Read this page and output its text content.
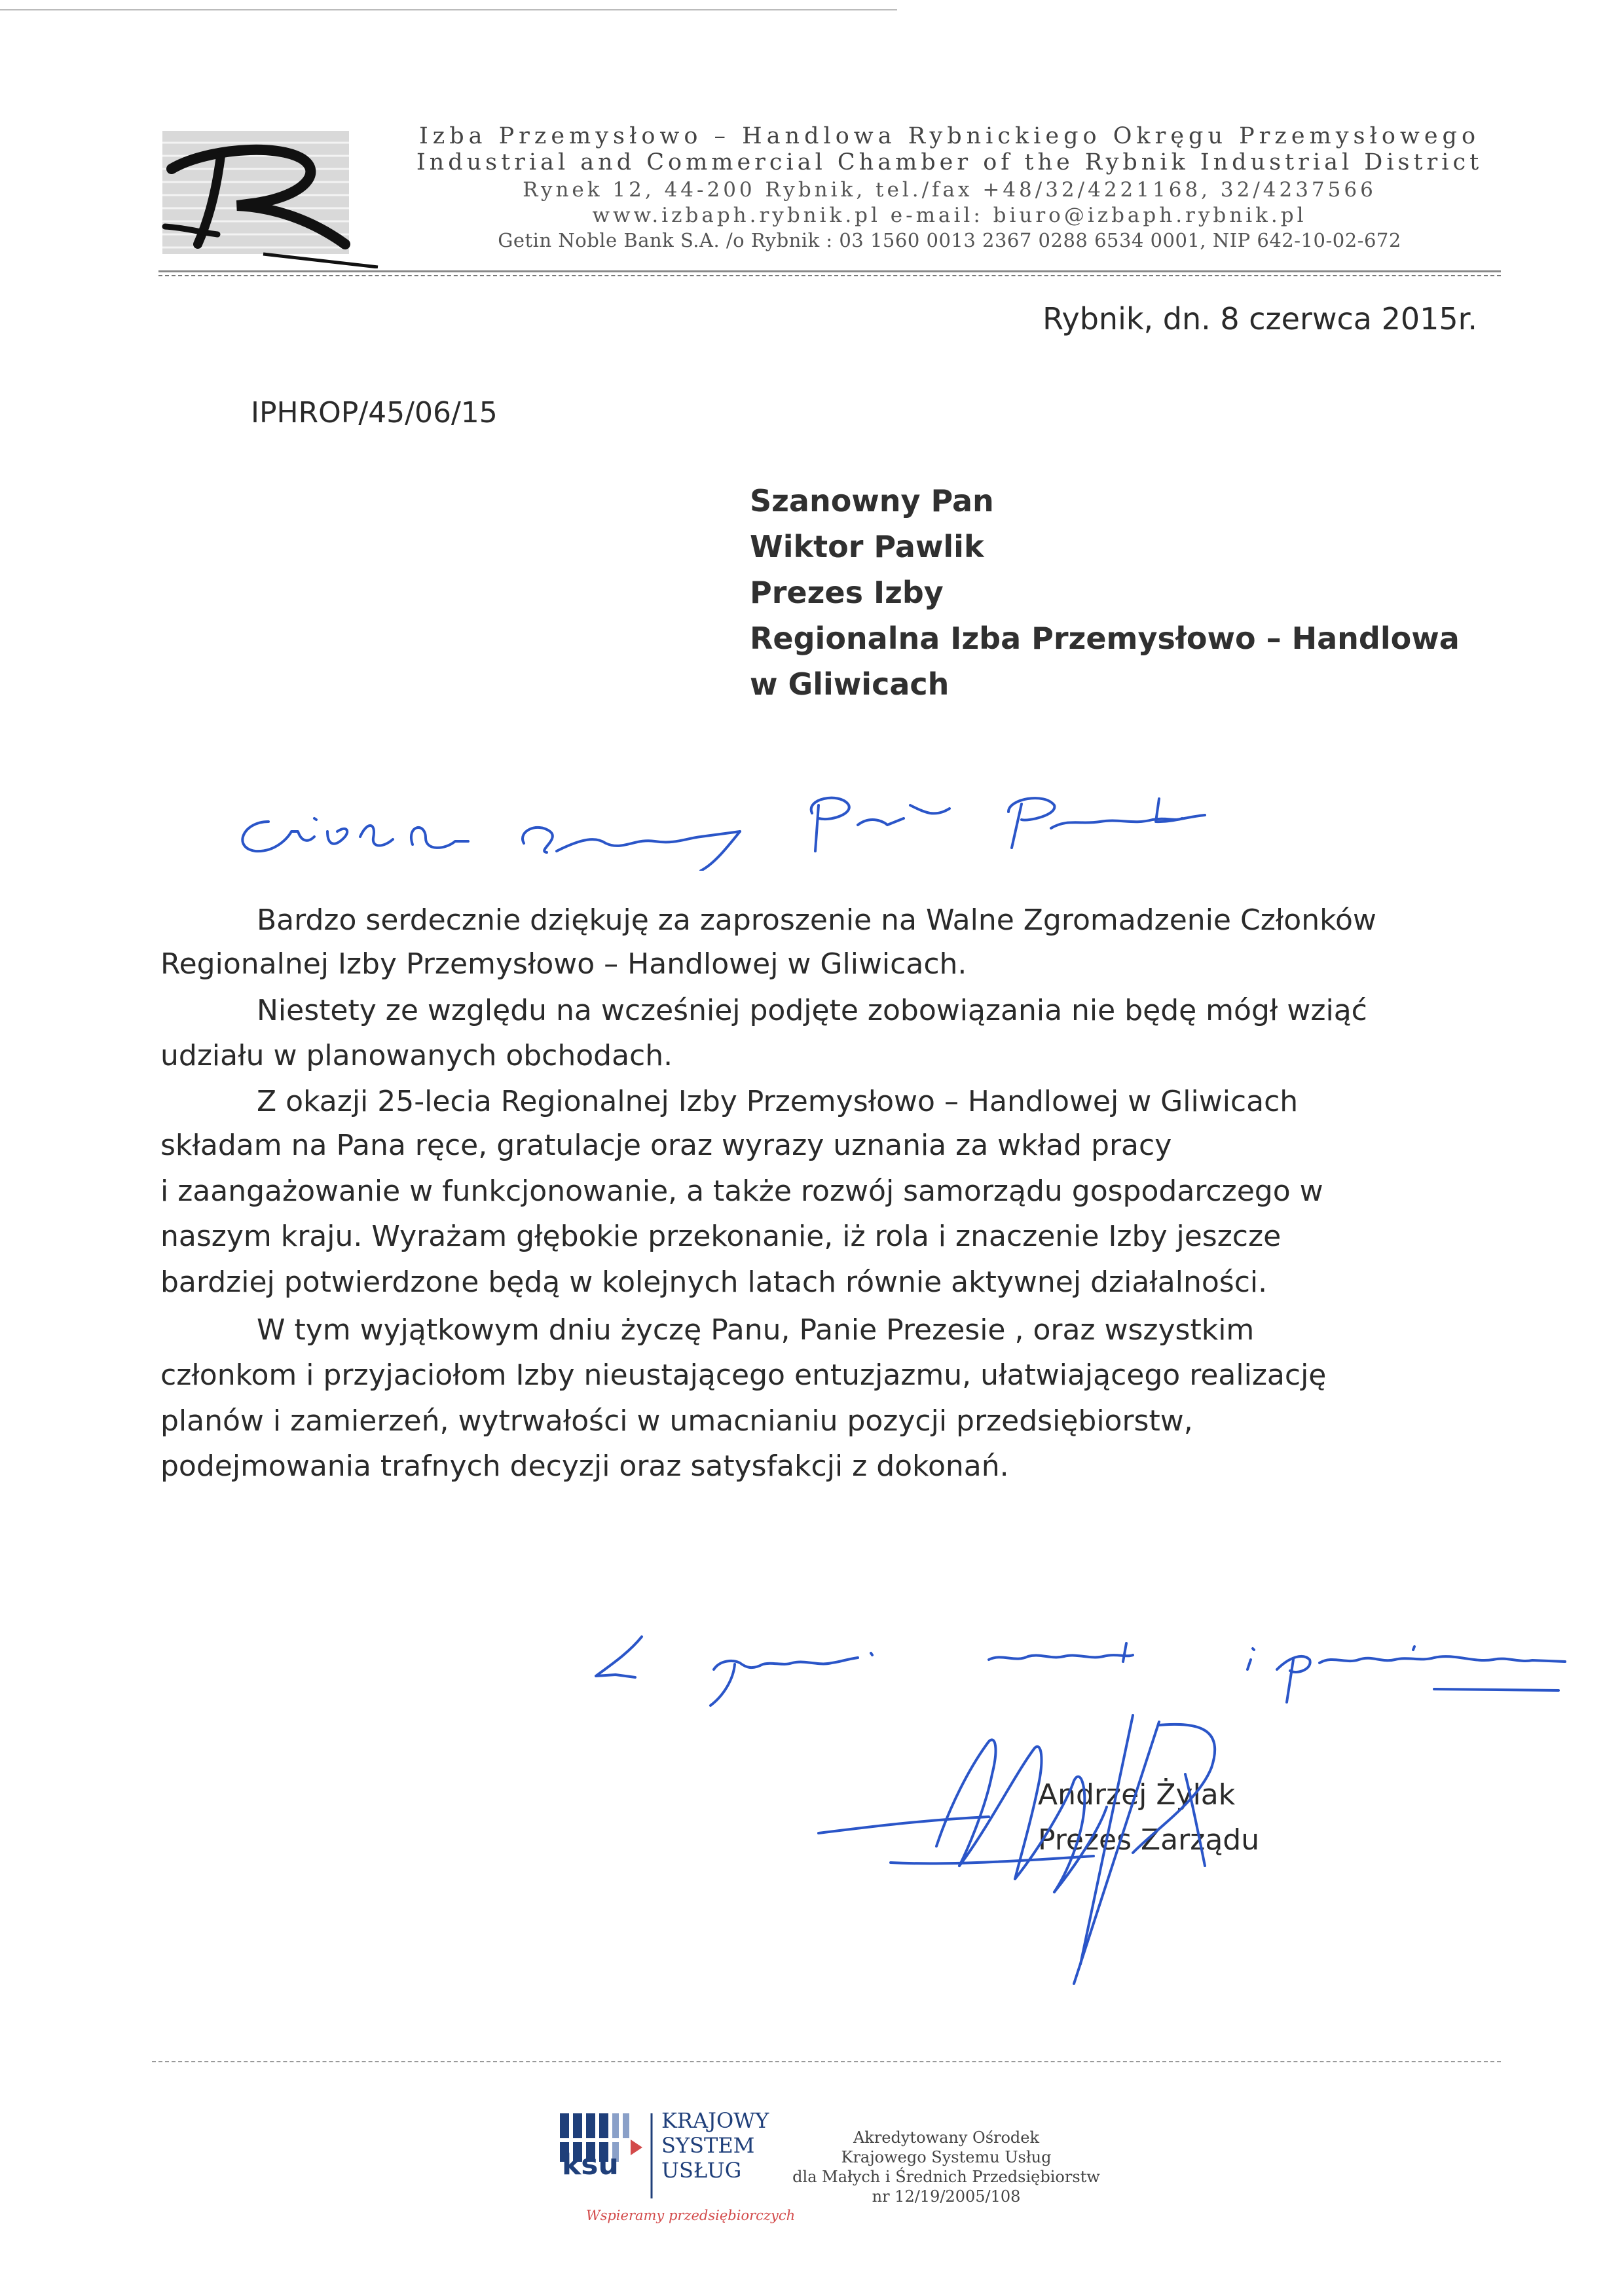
Izba Przemysłowo – Handlowa Rybnickiego Okręgu Przemysłowego
Industrial and Commercial Chamber of the Rybnik Industrial District
Rynek 12, 44-200 Rybnik, tel./fax +48/32/4221168, 32/4237566
www.izbaph.rybnik.pl e-mail: biuro@izbaph.rybnik.pl
Getin Noble Bank S.A. /o Rybnik : 03 1560 0013 2367 0288 6534 0001, NIP 642-10-02-672
Rybnik, dn. 8 czerwca 2015r.
IPHROP/45/06/15
Szanowny Pan
Wiktor Pawlik
Prezes Izby
Regionalna Izba Przemysłowo – Handlowa
w Gliwicach
Bardzo serdecznie dziękuję za zaproszenie na Walne Zgromadzenie Członków
Regionalnej Izby Przemysłowo – Handlowej w Gliwicach.
Niestety ze względu na wcześniej podjęte zobowiązania nie będę mógł wziąć
udziału w planowanych obchodach.
Z okazji 25-lecia Regionalnej Izby Przemysłowo – Handlowej w Gliwicach
składam na Pana ręce, gratulacje oraz wyrazy uznania za wkład pracy
i zaangażowanie w funkcjonowanie, a także rozwój samorządu gospodarczego w
naszym kraju. Wyrażam głębokie przekonanie, iż rola i znaczenie Izby jeszcze
bardziej potwierdzone będą w kolejnych latach równie aktywnej działalności.
W tym wyjątkowym dniu życzę Panu, Panie Prezesie , oraz wszystkim
członkom i przyjaciołom Izby nieustającego entuzjazmu, ułatwiającego realizację
planów i zamierzeń, wytrwałości w umacnianiu pozycji przedsiębiorstw,
podejmowania trafnych decyzji oraz satysfakcji z dokonań.
Andrzej Żylak
Prezes Zarządu
KRAJOWY
SYSTEM
USŁUG
ksu
Wspieramy przedsiębiorczych
Akredytowany Ośrodek
Krajowego Systemu Usług
dla Małych i Średnich Przedsiębiorstw
nr 12/19/2005/108
